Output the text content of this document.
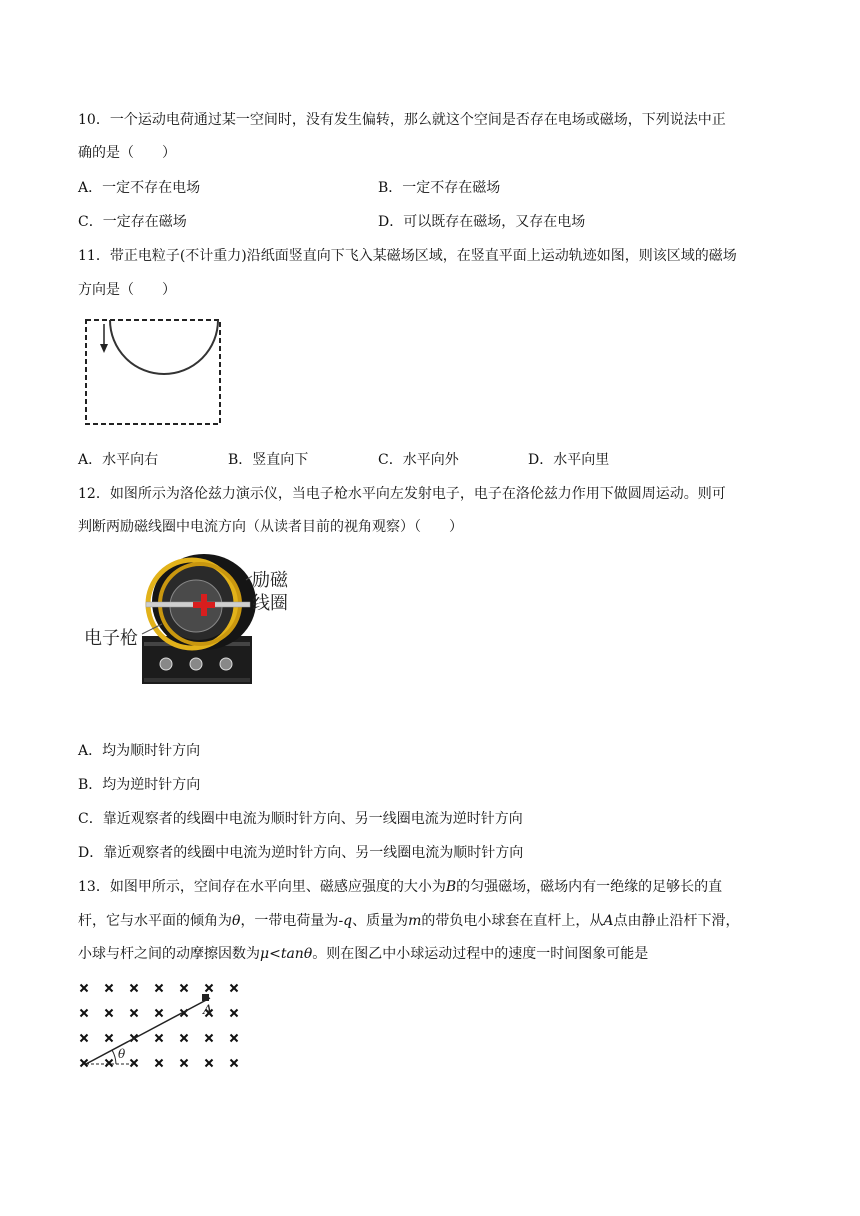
10．一个运动电荷通过某一空间时，没有发生偏转，那么就这个空间是否存在电场或磁场，下列说法中正
确的是（　　）
A．一定不存在电场	B．一定不存在磁场
C．一定存在磁场	D．可以既存在磁场，又存在电场
11．带正电粒子(不计重力)沿纸面竖直向下飞入某磁场区域，在竖直平面上运动轨迹如图，则该区域的磁场
方向是（　　）
A．水平向右	B．竖直向下	C．水平向外	D．水平向里
12．如图所示为洛伦兹力演示仪，当电子枪水平向左发射电子，电子在洛伦兹力作用下做圆周运动。则可
判断两励磁线圈中电流方向（从读者目前的视角观察）（　　）
励磁
线圈
电子枪
A．均为顺时针方向
B．均为逆时针方向
C．靠近观察者的线圈中电流为顺时针方向、另一线圈电流为逆时针方向
D．靠近观察者的线圈中电流为逆时针方向、另一线圈电流为顺时针方向
13．如图甲所示，空间存在水平向里、磁感应强度的大小为B的匀强磁场，磁场内有一绝缘的足够长的直
杆，它与水平面的倾角为θ，一带电荷量为-q、质量为m的带负电小球套在直杆上，从A点由静止沿杆下滑，
小球与杆之间的动摩擦因数为μ<tanθ。则在图乙中小球运动过程中的速度一时间图象可能是
θ
A
